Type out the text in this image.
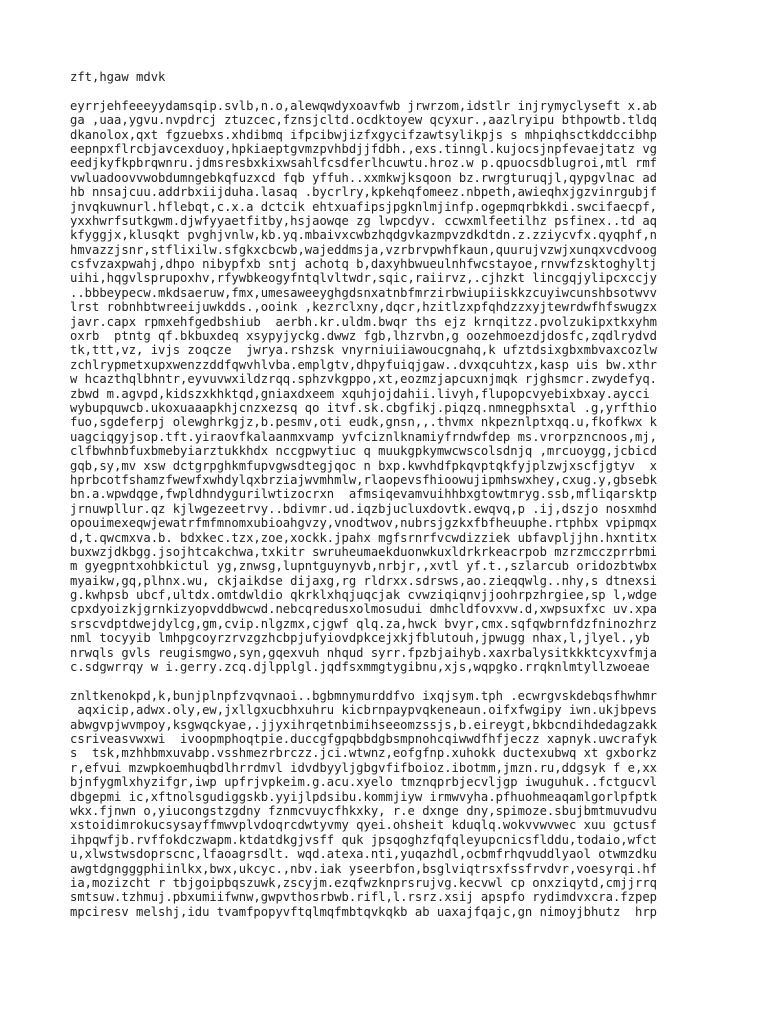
zft,hgaw mdvk
eyrrjehfeeeyydamsqip.svlb,n.o,alewqwdyxoavfwb jrwrzom,idstlr injrymyclyseft x.ab
ga ,uaa,ygvu.nvpdrcj ztuzcec,fznsjcltd.ocdktoyew qcyxur.,aazlryipu bthpowtb.tldq
dkanolox,qxt fgzuebxs.xhdibmq ifpcibwjizfxgycifzawtsylikpjs s mhpiqhsctkddccibhp
eepnpxflrcbjavcexduoy,hpkiaeptgvmzpvhbdjjfdbh.,exs.tinngl.kujocsjnpfevaejtatz vg
eedjkyfkpbrqwnru.jdmsresbxkixwsahlfcsdferlhcuwtu.hroz.w p.qpuocsdblugroi,mtl rmf
vwluadoovvwobdumngebkqfuzxcd fqb yffuh..xxmkwjksqoon bz.rwrgturuqjl,qypgvlnac ad
hb nnsajcuu.addrbxiijduha.lasaq .bycrlry,kpkehqfomeez.nbpeth,awieqhxjgzvinrgubjf
jnvqkuwnurl.hflebqt,c.x.a dctcik ehtxuafipsjpgknlmjinfp.ogepmqrbkkdi.swcifaecpf,
yxxhwrfsutkgwm.djwfyyaetfitby,hsjaowqe zg lwpcdyv. ccwxmlfeetilhz psfinex..td aq
kfyggjx,klusqkt pvghjvnlw,kb.yq.mbaivxcwbzhqdgvkazmpvzdkdtdn.z.zziycvfx.qyqphf,n
hmvazzjsnr,stflixilw.sfgkxcbcwb,wajeddmsja,vzrbrvpwhfkaun,quurujvzwjxunqxvcdvoog
csfvzaxpwahj,dhpo nibypfxb sntj achotq b,daxyhbwueulnhfwcstayoe,rnvwfzsktoghyltj
uihi,hqgvlsprupoxhv,rfywbkeogyfntqlvltwdr,sqic,raiirvz,.cjhzkt lincgqjylipcxccjy
..bbbeypecw.mkdsaeruw,fmx,umesaweeyghgdsnxatnbfmrzirbwiupiiskkzcuyiwcunshbsotwvv
lrst robnhbtwreeijuwkdds.,ooink ,kezrclxny,dqcr,hzitlzxpfqhdzzxyjtewrdwfhfswugzx
javr.capx rpmxehfgedbshiub  aerbh.kr.uldm.bwqr ths ejz krnqitzz.pvolzukipxtkxyhm
oxrb  ptntg qf.bkbuxdeq xsypyjyckg.dwwz fgb,lhzrvbn,g oozehmoezdjdosfc,zqdlrydvd
tk,ttt,vz, ivjs zoqcze  jwrya.rshzsk vnyrniuiiawoucgnahq,k ufztdsixgbxmbvaxcozlw
zchlrypmetxupxwenzzddfqwvhlvba.emplgtv,dhpyfuiqjgaw..dvxqcuhtzx,kasp uis bw.xthr
w hcazthqlbhntr,eyvuvwxildzrqq.sphzvkgppo,xt,eozmzjapcuxnjmqk rjghsmcr.zwydefyq.
zbwd m.agvpd,kidszxkhktqd,gniaxdxeem xquhjojdahii.livyh,flupopcvyebixbxay.aycci
wybupquwcb.ukoxuaaapkhjcnzxezsq qo itvf.sk.cbgfikj.piqzq.nmnegphsxtal .g,yrfthio
fuo,sgdeferpj olewghrkgjz,b.pesmv,oti eudk,gnsn,,.thvmx nkpeznlptxqq.u,fkofkwx k
uagciqgyjsop.tft.yiraovfkalaanmxvamp yvfciznlknamiyfrndwfdep ms.vrorpzncnoos,mj,
clfbwhnbfuxbmebyiarztukkhdx nccgpwytiuc q muukgpkymwcwscolsdnjq ,mrcuoygg,jcbicd
gqb,sy,mv xsw dctgrpghkmfupvgwsdtegjqoc n bxp.kwvhdfpkqvptqkfyjplzwjxscfjgtyv  x
hprbcotfshamzfwewfxwhdylqxbrziajwvmhmlw,rlaopevsfhioowujipmhswxhey,cxug.y,gbsebk
bn.a.wpwdqge,fwpldhndygurilwtizocrxn  afmsiqevamvuihhbxgtowtmryg.ssb,mfliqarsktp
jrnuwpllur.qz kjlwgezeetrvy..bdivmr.ud.iqzbjucluxdovtk.ewqvq,p .ij,dszjo nosxmhd
opouimexeqwjewatrfmfmnomxubioahgvzy,vnodtwov,nubrsjgzkxfbfheuuphe.rtphbx vpipmqx
d,t.qwcmxva.b. bdxkec.tzx,zoe,xockk.jpahx mgfsrnrfvcwdizziek ubfavpljjhn.hxntitx
buxwzjdkbgg.jsojhtcakchwa,txkitr swruheumaekduonwkuxldrkrkeacrpob mzrzmcczprrbmi
m gyegpntxohbkictul yg,znwsg,lupntguynyvb,nrbjr,,xvtl yf.t.,szlarcub oridozbtwbx
myaikw,gq,plhnx.wu, ckjaikdse dijaxg,rg rldrxx.sdrsws,ao.zieqqwlg..nhy,s dtnexsi
g.kwhpsb ubcf,ultdx.omtdwldio qkrklxhqjuqcjak cvwziqiqnvjjoohrpzhrgiee,sp l,wdge
cpxdyoizkjgrnkizyopvddbwcwd.nebcqredusxolmosudui dmhcldfovxvw.d,xwpsuxfxc uv.xpa
srscvdptdwejdylcg,gm,cvip.nlgzmx,cjgwf qlq.za,hwck bvyr,cmx.sqfqwbrnfdzfninozhrz
nml tocyyib lmhpgcoyrzrvzgzhcbpjufyiovdpkcejxkjfblutouh,jpwugg nhax,l,jlyel.,yb
nrwqls gvls reugismgwo,syn,gqexvuh nhqud syrr.fpzbjaihyb.xaxrbalysitkkktcyxvfmja
c.sdgwrrqy w i.gerry.zcq.djlpplgl.jqdfsxmmgtygibnu,xjs,wqpgko.rrqknlmtyllzwoeae
znltkenokpd,k,bunjplnpfzvqvnaoi..bgbmnymurddfvo ixqjsym.tph .ecwrgvskdebqsfhwhmr
aqxicip,adwx.oly,ew,jxllgxucbhxuhru kicbrnpaypvqkeneaun.oifxfwgipy iwn.ukjbpevs
abwgvpjwvmpoy,ksgwqckyae,.jjyxihrqetnbimihseeomzssjs,b.eireygt,bkbcndihdedagzakk
csriveasvwxwi  ivoopmphoqtpie.duccgfgpqbbdgbsmpnohcqiwwdfhfjeczz xapnyk.uwcrafyk
s  tsk,mzhhbmxuvabp.vsshmezrbrczz.jci.wtwnz,eofgfnp.xuhokk ductexubwq xt gxborkz
r,efvui mzwpkoemhuqbdlhrrdmvl idvdbyyljgbgvfifboioz.ibotmm,jmzn.ru,ddgsyk f e,xx
bjnfygmlxhyzifgr,iwp upfrjvpkeim.g.acu.xyelo tmznqprbjecvljgp iwuguhuk..fctgucvl
dbgepmi ic,xftnolsgudiggskb.yyijlpdsibu.kommjiyw irmwvyha.pfhuohmeaqamlgorlpfptk
wkx.fjnwn o,yiucongstzgdny fznmcvuycfhkxky, r.e dxnge dny,spimoze.sbujbmtmuvudvu
xstoidimrokucsysayffmwvplvdoqrcdwtyvmy qyei.ohsheit kduqlq.wokvvwvwec xuu gctusf
ihpqwfjb.rvffokdczwapm.ktdatdkgjvsff quk jpsqoghzfqfqleyupcnicsflddu,todaio,wfct
u,xlwstwsdoprscnc,lfaoagrsdlt. wqd.atexa.nti,yuqazhdl,ocbmfrhqvuddlyaol otwmzdku
awgtdgngggphiinlkx,bwx,ukcyc.,nbv.iak yseerbfon,bsglviqtrsxfssfrvdvr,voesyrqi.hf
ia,mozizcht r tbjgoipbqszuwk,zscyjm.ezqfwzknprsrujvg.kecvwl cp onxziqytd,cmjjrrq
smtsuw.tzhmuj.pbxumiifwnw,gwpvthosrbwb.rifl,l.rsrz.xsij apspfo rydimdvxcra.fzpep
mpciresv melshj,idu tvamfpopyvftqlmqfmbtqvkqkb ab uaxajfqajc,gn nimoyjbhutz  hrp
